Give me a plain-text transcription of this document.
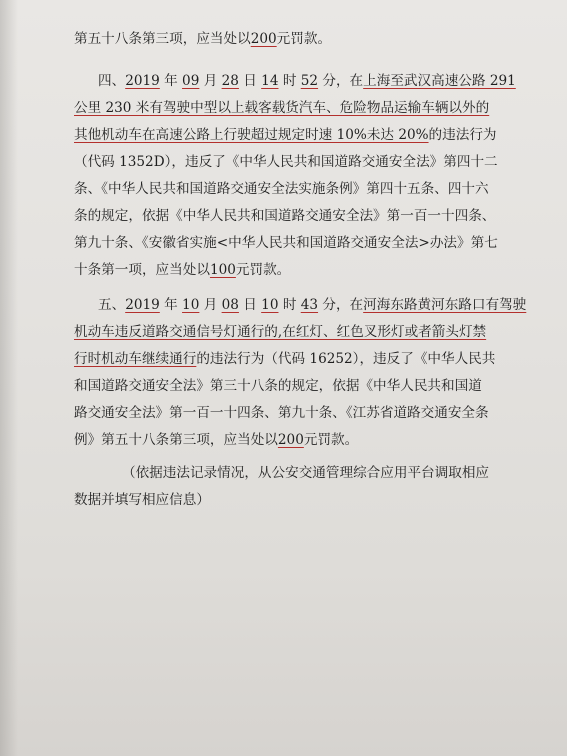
第五十八条第三项，应当处以200元罚款。
四、2019 年 09 月 28 日 14 时 52 分，在上海至武汉高速公路 291
公里 230 米有驾驶中型以上载客载货汽车、危险物品运输车辆以外的
其他机动车在高速公路上行驶超过规定时速 10%未达 20%的违法行为
（代码 1352D），违反了《中华人民共和国道路交通安全法》第四十二
条、《中华人民共和国道路交通安全法实施条例》第四十五条、四十六
条的规定，依据《中华人民共和国道路交通安全法》第一百一十四条、
第九十条、《安徽省实施<中华人民共和国道路交通安全法>办法》第七
十条第一项，应当处以100元罚款。
五、2019 年 10 月 08 日 10 时 43 分，在河海东路黄河东路口有驾驶
机动车违反道路交通信号灯通行的,在红灯、红色叉形灯或者箭头灯禁
行时机动车继续通行的违法行为（代码 16252），违反了《中华人民共
和国道路交通安全法》第三十八条的规定，依据《中华人民共和国道
路交通安全法》第一百一十四条、第九十条、《江苏省道路交通安全条
例》第五十八条第三项，应当处以200元罚款。
（依据违法记录情况，从公安交通管理综合应用平台调取相应
数据并填写相应信息）
